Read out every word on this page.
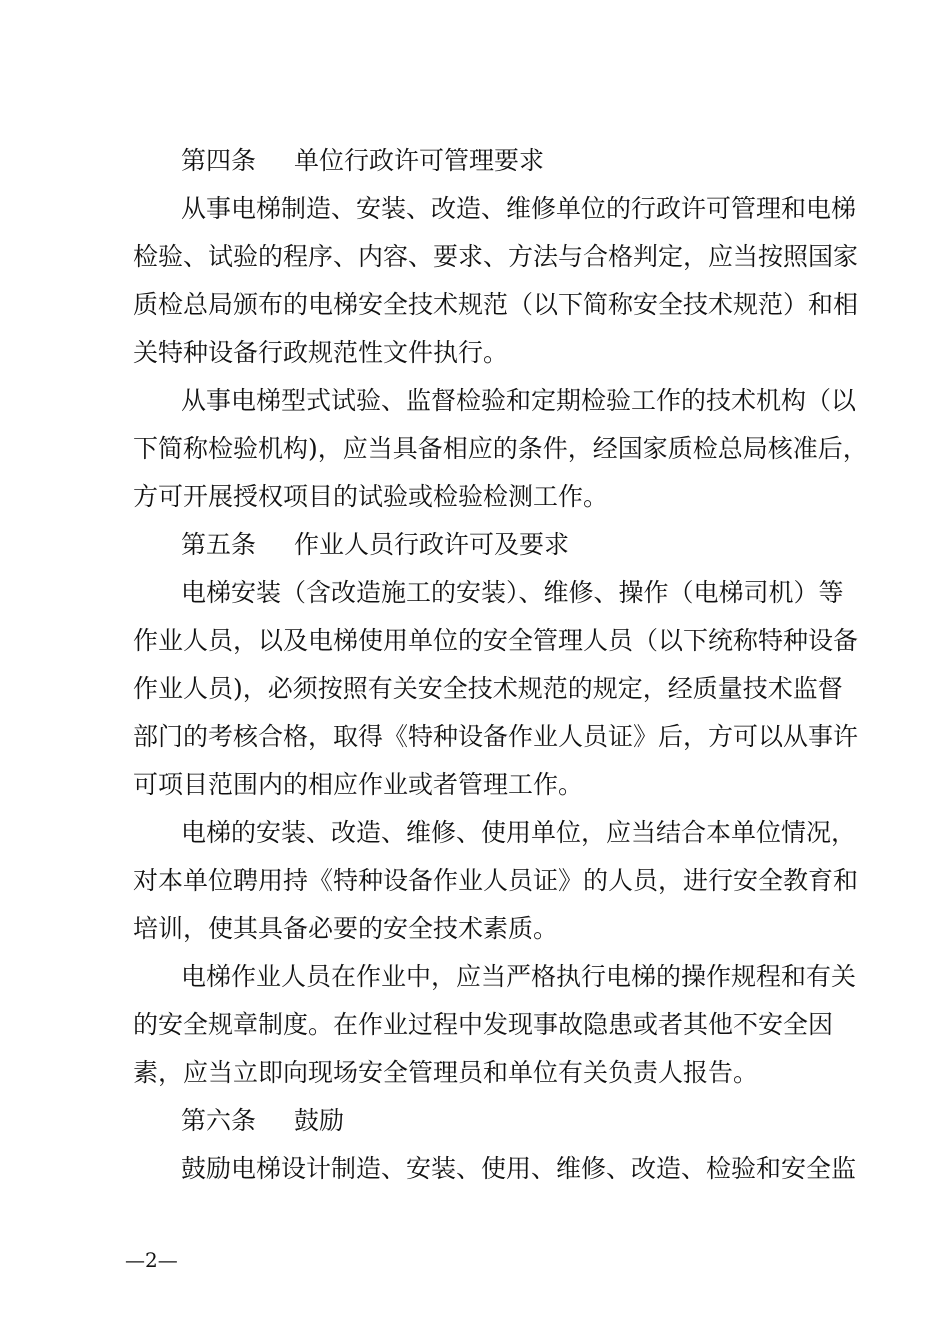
第四条 单位行政许可管理要求
从事电梯制造、安装、改造、维修单位的行政许可管理和电梯
检验、试验的程序、内容、要求、方法与合格判定，应当按照国家
质检总局颁布的电梯安全技术规范（以下简称安全技术规范）和相
关特种设备行政规范性文件执行。
从事电梯型式试验、监督检验和定期检验工作的技术机构（以
下简称检验机构)，应当具备相应的条件，经国家质检总局核准后，
方可开展授权项目的试验或检验检测工作。
第五条 作业人员行政许可及要求
电梯安装（含改造施工的安装）、维修、操作（电梯司机）等
作业人员，以及电梯使用单位的安全管理人员（以下统称特种设备
作业人员)，必须按照有关安全技术规范的规定，经质量技术监督
部门的考核合格，取得《特种设备作业人员证》后，方可以从事许
可项目范围内的相应作业或者管理工作。
电梯的安装、改造、维修、使用单位，应当结合本单位情况，
对本单位聘用持《特种设备作业人员证》的人员，进行安全教育和
培训，使其具备必要的安全技术素质。
电梯作业人员在作业中，应当严格执行电梯的操作规程和有关
的安全规章制度。在作业过程中发现事故隐患或者其他不安全因
素，应当立即向现场安全管理员和单位有关负责人报告。
第六条 鼓励
鼓励电梯设计制造、安装、使用、维修、改造、检验和安全监
—2—
